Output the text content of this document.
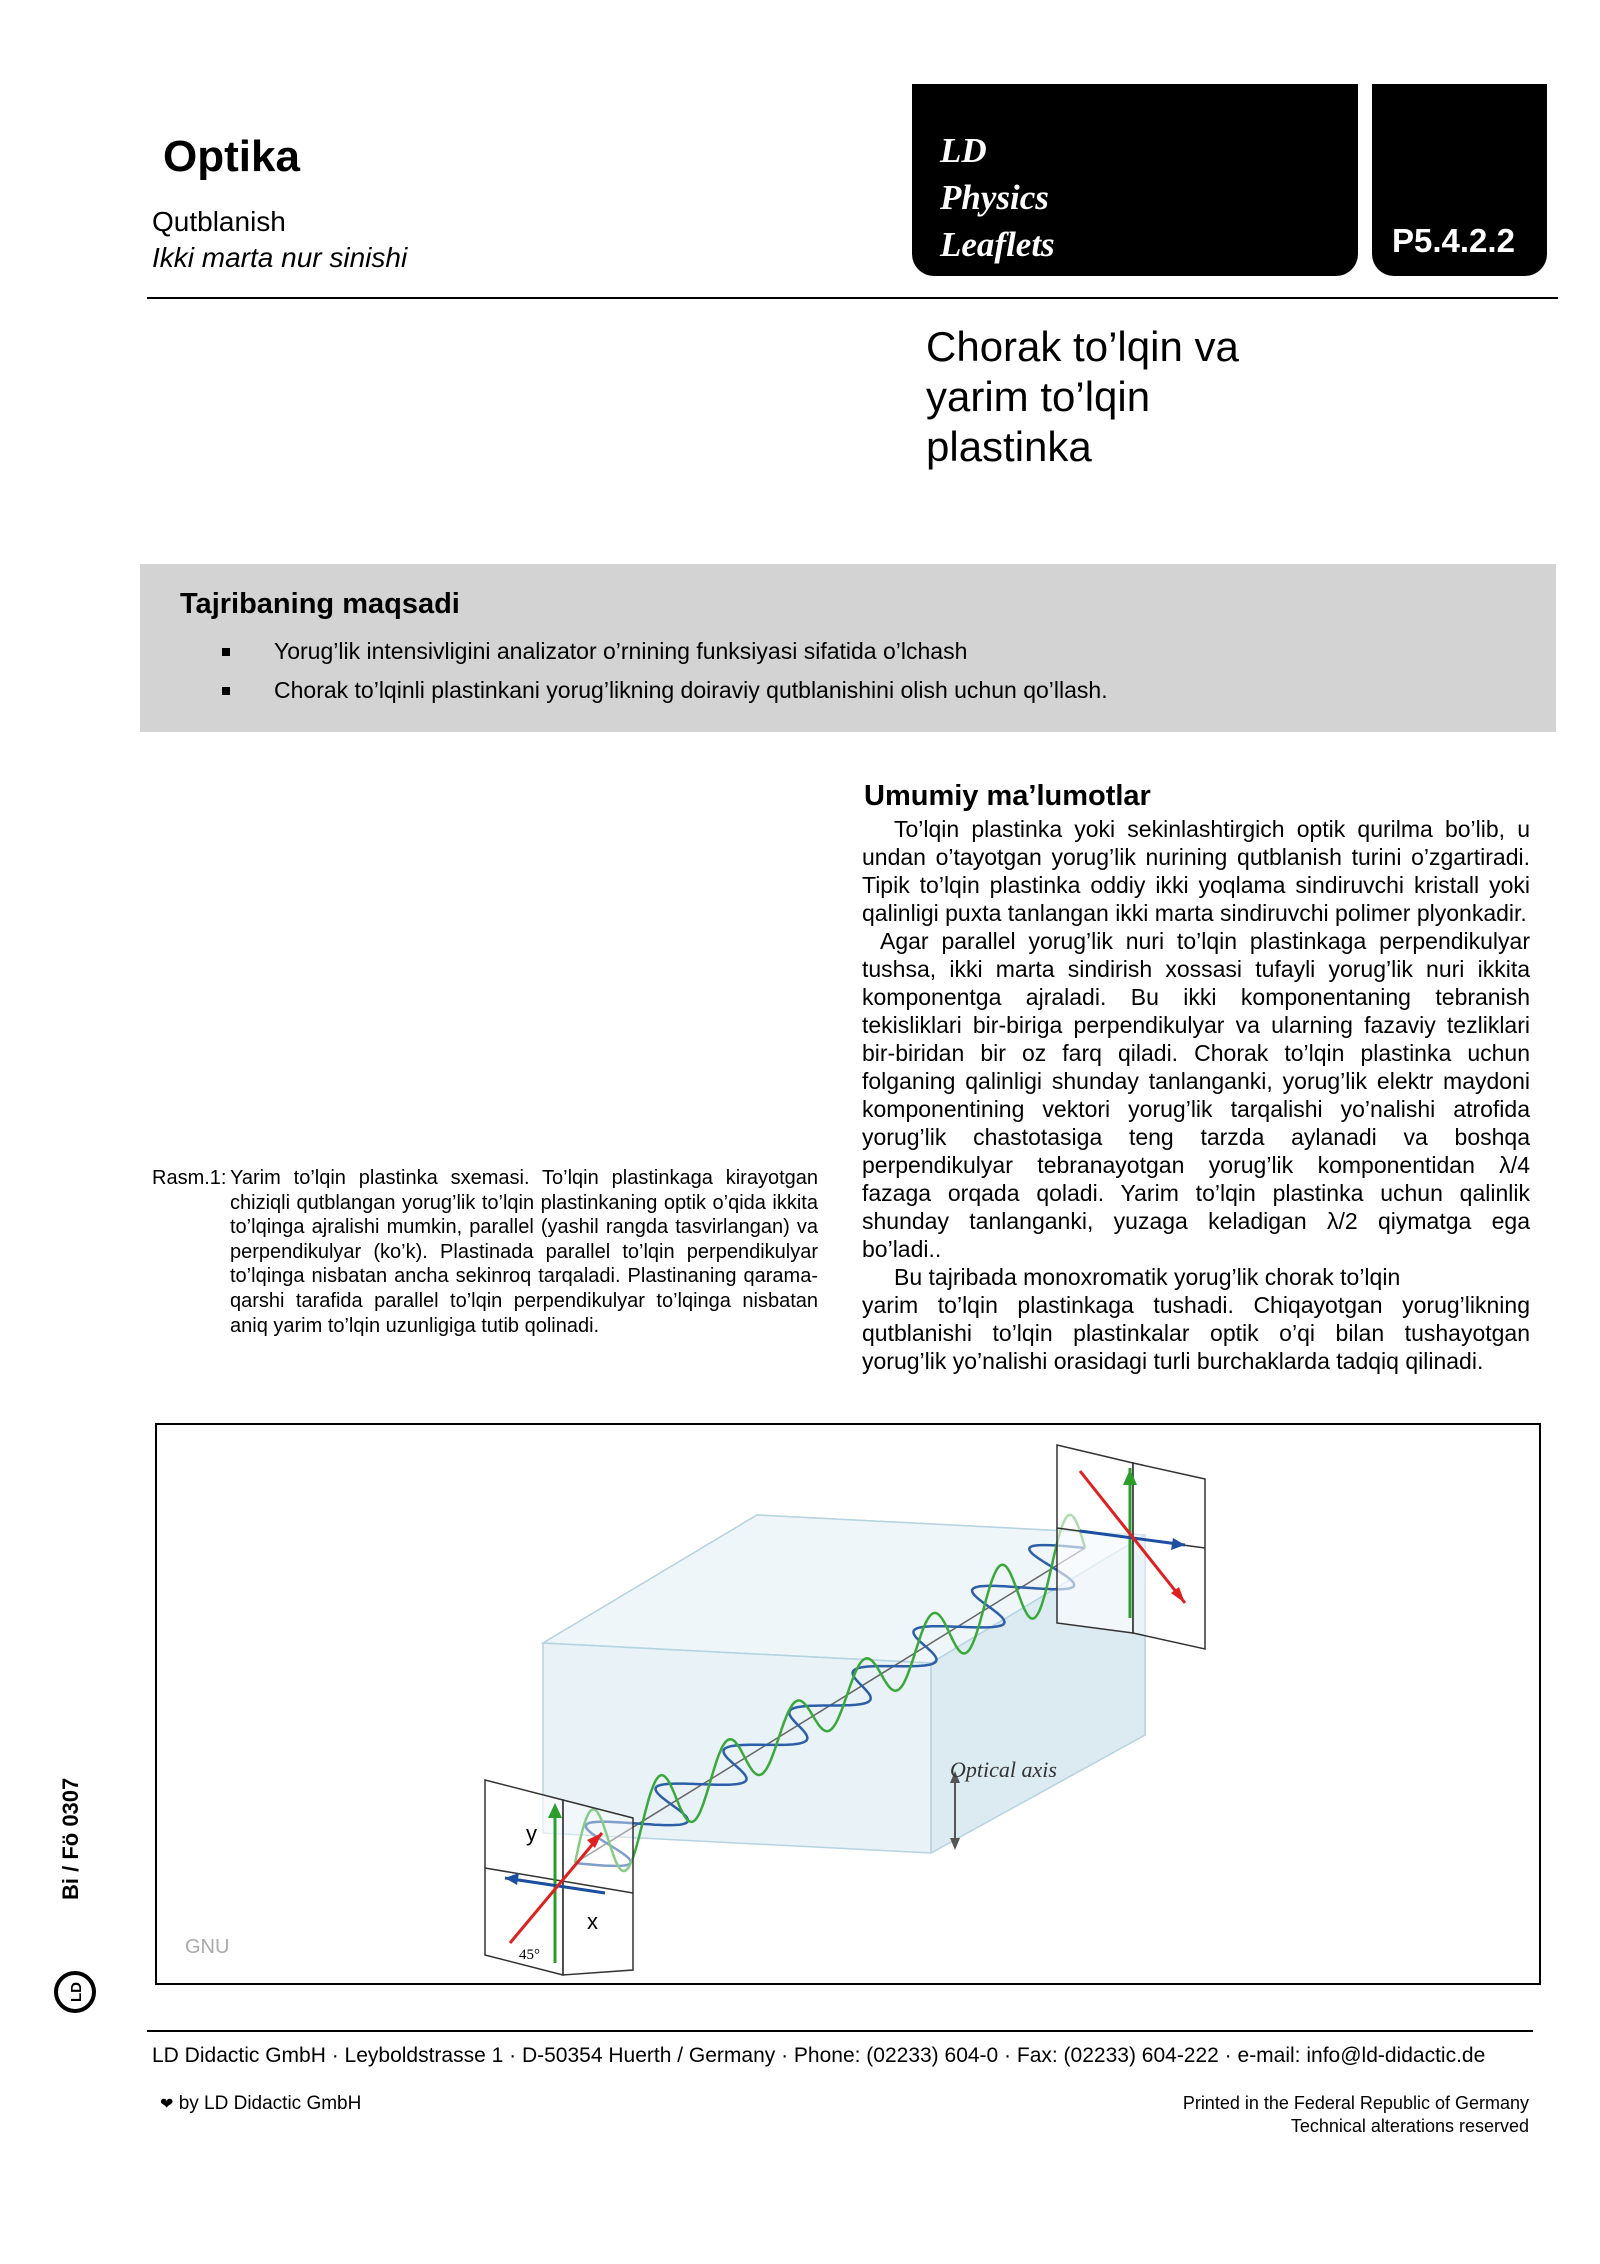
Optika
Qutblanish
Ikki marta nur sinishi
LD
Physics
Leaflets	P5.4.2.2
Chorak to’lqin va
yarim to’lqin
plastinka
Tajribaning maqsadi
Yorug’lik intensivligini analizator o’rnining funksiyasi sifatida o’lchash
Chorak to’lqinli plastinkani yorug’likning doiraviy qutblanishini olish uchun qo’llash.
Rasm.1: Yarim to’lqin plastinka sxemasi. To’lqin plastinkaga kirayotgan chiziqli qutblangan yorug’lik to’lqin plastinkaning optik o’qida ikkita to’lqinga ajralishi mumkin, parallel (yashil rangda tasvirlangan) va perpendikulyar (ko’k). Plastinada parallel to’lqin perpendikulyar to’lqinga nisbatan ancha sekinroq tarqaladi. Plastinaning qarama-qarshi tarafida parallel to’lqin perpendikulyar to’lqinga nisbatan aniq yarim to’lqin uzunligiga tutib qolinadi.
Umumiy ma’lumotlar

To’lqin plastinka yoki sekinlashtirgich optik qurilma bo’lib, u undan o’tayotgan yorug’lik nurining qutblanish turini o’zgartiradi. Tipik to’lqin plastinka oddiy ikki yoqlama sindiruvchi kristall yoki qalinligi puxta tanlangan ikki marta sindiruvchi polimer plyonkadir.

Agar parallel yorug’lik nuri to’lqin plastinkaga perpendikulyar tushsa, ikki marta sindirish xossasi tufayli yorug’lik nuri ikkita komponentga ajraladi. Bu ikki komponentaning tebranish tekisliklari bir-biriga perpendikulyar va ularning fazaviy tezliklari bir-biridan bir oz farq qiladi. Chorak to’lqin plastinka uchun folganing qalinligi shunday tanlanganki, yorug’lik elektr maydoni komponentining vektori yorug’lik tarqalishi yo’nalishi atrofida yorug’lik chastotasiga teng tarzda aylanadi va boshqa perpendikulyar tebranayotgan yorug’lik komponentidan λ/4 fazaga orqada qoladi. Yarim to’lqin plastinka uchun qalinlik shunday tanlanganki, yuzaga keladigan λ/2 qiymatga ega bo’ladi..

Bu tajribada monoxromatik yorug’lik chorak to’lqin

yarim to’lqin plastinkaga tushadi. Chiqayotgan yorug’likning qutblanishi to’lqin plastinkalar optik o’qi bilan tushayotgan yorug’lik yo’nalishi orasidagi turli burchaklarda tadqiq qilinadi.

y
x
45°
Optical axis
GNU
Bi / Fö 0307
LD
LD Didactic GmbH · Leyboldstrasse 1 · D-50354 Huerth / Germany · Phone: (02233) 604-0 · Fax: (02233) 604-222 · e-mail: info@ld-didactic.de
❤ by LD Didactic GmbH	Printed in the Federal Republic of Germany
Technical alterations reserved
